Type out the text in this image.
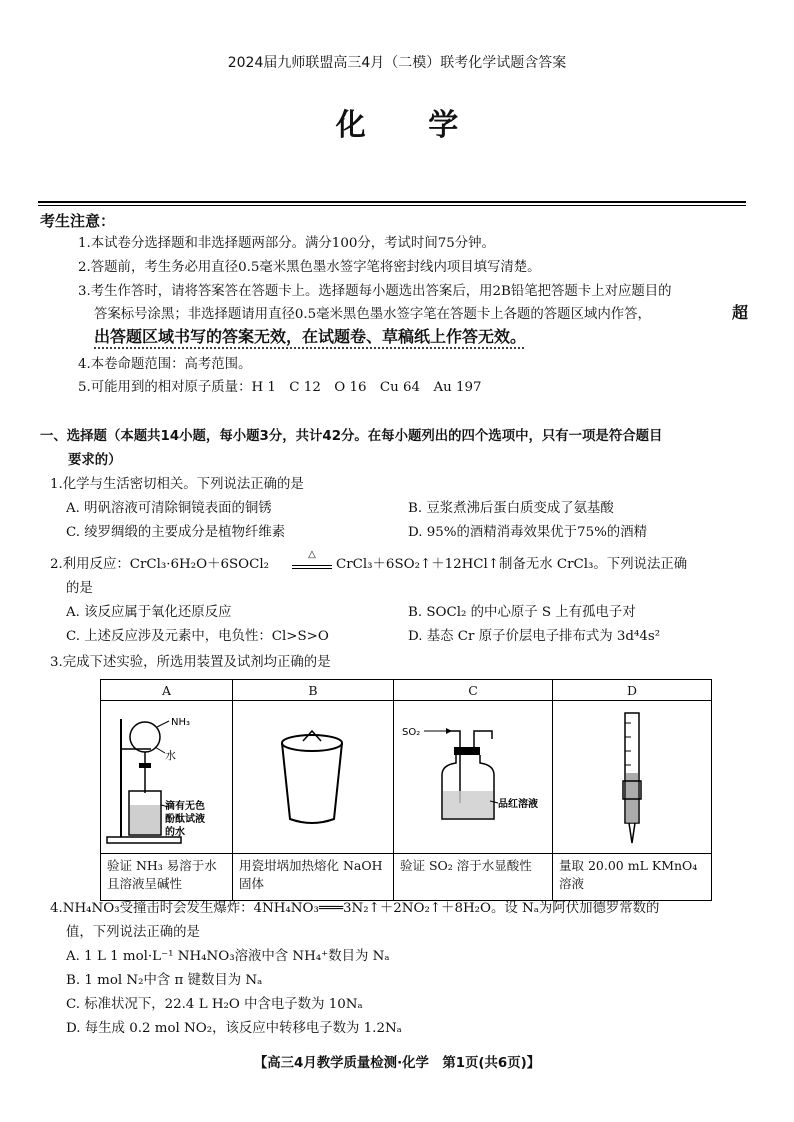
2024届九师联盟高三4月（二模）联考化学试题含答案
化 学
考生注意：
1.本试卷分选择题和非选择题两部分。满分100分，考试时间75分钟。
2.答题前，考生务必用直径0.5毫米黑色墨水签字笔将密封线内项目填写清楚。
3.考生作答时，请将答案答在答题卡上。选择题每小题选出答案后，用2B铅笔把答题卡上对应题目的
答案标号涂黑；非选择题请用直径0.5毫米黑色墨水签字笔在答题卡上各题的答题区域内作答，	超
出答题区域书写的答案无效，在试题卷、草稿纸上作答无效。
4.本卷命题范围：高考范围。
5.可能用到的相对原子质量：H 1　C 12　O 16　Cu 64　Au 197
一、选择题（本题共14小题，每小题3分，共计42分。在每小题列出的四个选项中，只有一项是符合题目
要求的）
1.化学与生活密切相关。下列说法正确的是
A. 明矾溶液可清除铜镜表面的铜锈	B. 豆浆煮沸后蛋白质变成了氨基酸
C. 绫罗绸缎的主要成分是植物纤维素	D. 95%的酒精消毒效果优于75%的酒精
2.利用反应：CrCl₃·6H₂O＋6SOCl₂
△
CrCl₃＋6SO₂↑＋12HCl↑制备无水 CrCl₃。下列说法正确
的是
A. 该反应属于氧化还原反应	B. SOCl₂ 的中心原子 S 上有孤电子对
C. 上述反应涉及元素中，电负性：Cl>S>O	D. 基态 Cr 原子价层电子排布式为 3d⁴4s²
3.完成下述实验，所选用装置及试剂均正确的是
A	B	C	D

NH₃
水
滴有无色
酚酞试液
的水		SO₂
品红溶液

验证 NH₃ 易溶于水且溶液呈碱性	用瓷坩埚加热熔化 NaOH 固体	验证 SO₂ 溶于水显酸性	量取 20.00 mL KMnO₄ 溶液
4.NH₄NO₃受撞击时会发生爆炸：4NH₄NO₃═══3N₂↑＋2NO₂↑＋8H₂O。设 Nₐ为阿伏加德罗常数的
值，下列说法正确的是
A. 1 L 1 mol·L⁻¹ NH₄NO₃溶液中含 NH₄⁺数目为 Nₐ
B. 1 mol N₂中含 π 键数目为 Nₐ
C. 标准状况下，22.4 L H₂O 中含电子数为 10Nₐ
D. 每生成 0.2 mol NO₂，该反应中转移电子数为 1.2Nₐ
【高三4月教学质量检测·化学　第1页(共6页)】
